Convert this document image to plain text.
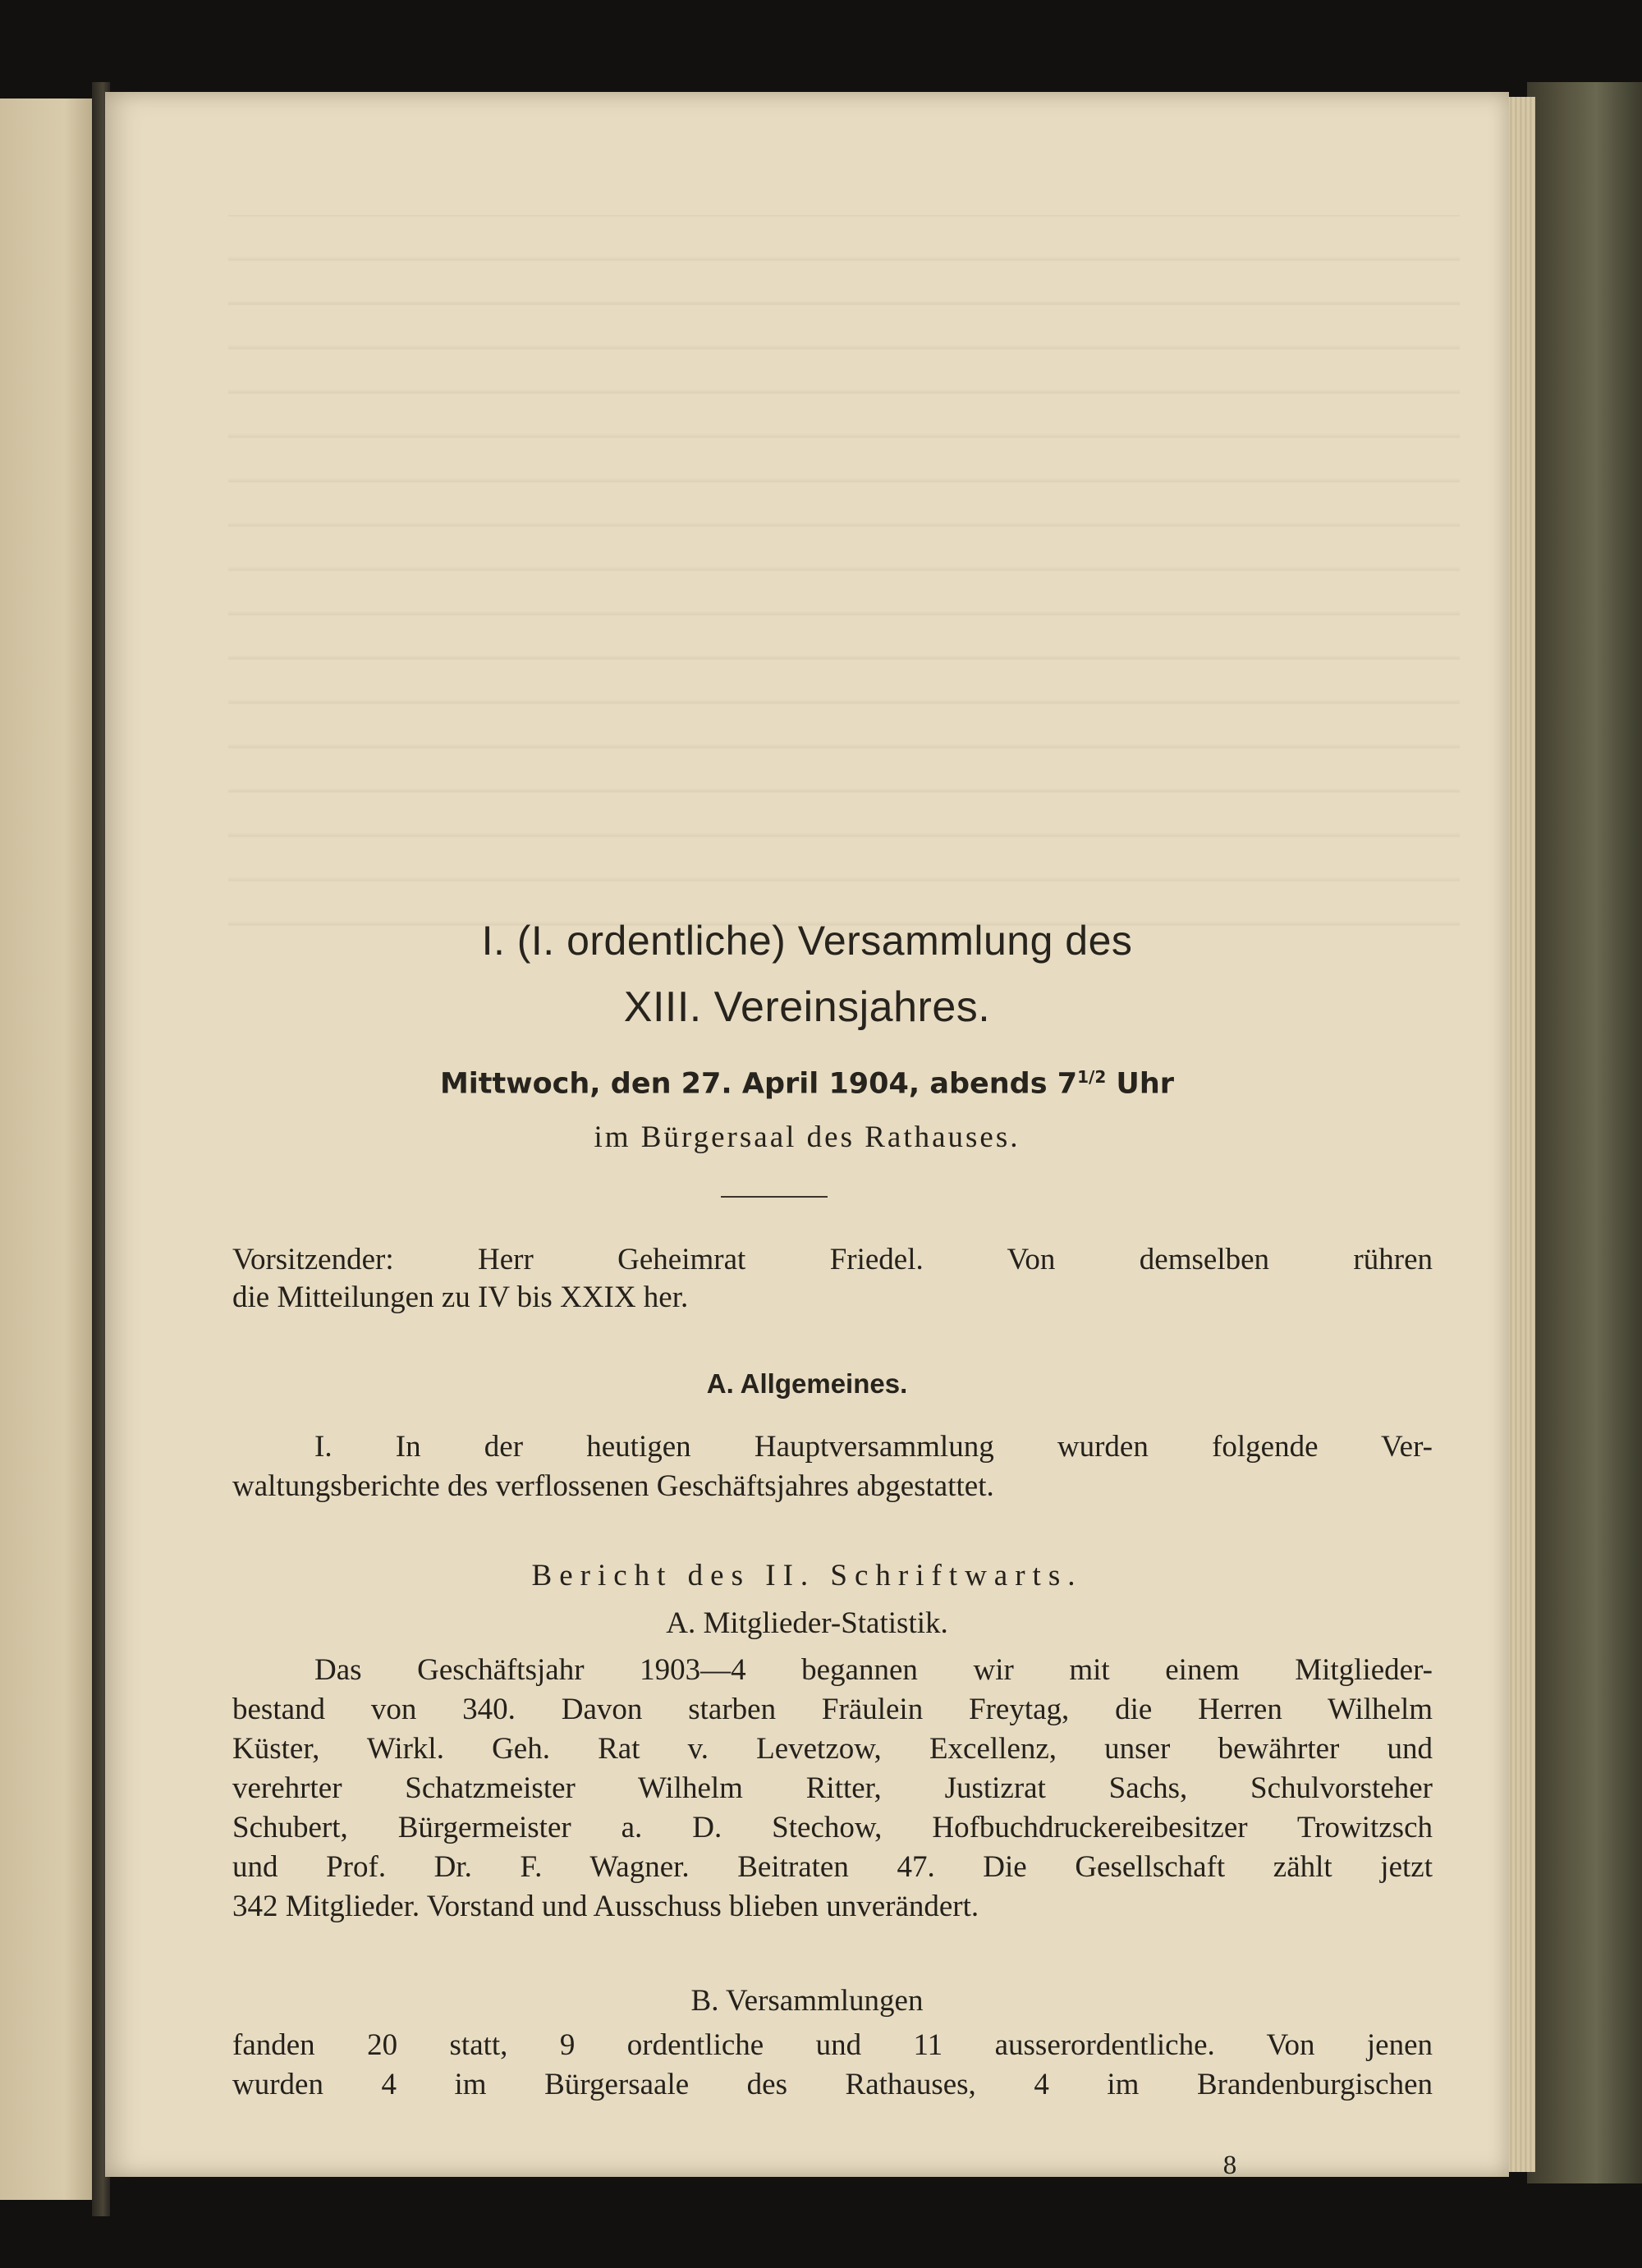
I. (I. ordentliche) Versammlung des
XIII. Vereinsjahres.
Mittwoch, den 27. April 1904, abends $7^{1/2}$ Uhr
im Bürgersaal des Rathauses.
Vorsitzender: Herr Geheimrat Friedel. Von demselben rühren
die Mitteilungen zu IV bis XXIX her.
A. Allgemeines.
I. In der heutigen Hauptversammlung wurden folgende Ver-
waltungsberichte des verflossenen Geschäftsjahres abgestattet.
Bericht des II. Schriftwarts.
A. Mitglieder-Statistik.
Das Geschäftsjahr 1903—4 begannen wir mit einem Mitglieder-
bestand von 340. Davon starben Fräulein Freytag, die Herren Wilhelm
Küster, Wirkl. Geh. Rat v. Levetzow, Excellenz, unser bewährter und
verehrter Schatzmeister Wilhelm Ritter, Justizrat Sachs, Schulvorsteher
Schubert, Bürgermeister a. D. Stechow, Hofbuchdruckereibesitzer Trowitzsch
und Prof. Dr. F. Wagner. Beitraten 47. Die Gesellschaft zählt jetzt
342 Mitglieder. Vorstand und Ausschuss blieben unverändert.
B. Versammlungen
fanden 20 statt, 9 ordentliche und 11 ausserordentliche. Von jenen
wurden 4 im Bürgersaale des Rathauses, 4 im Brandenburgischen
8
